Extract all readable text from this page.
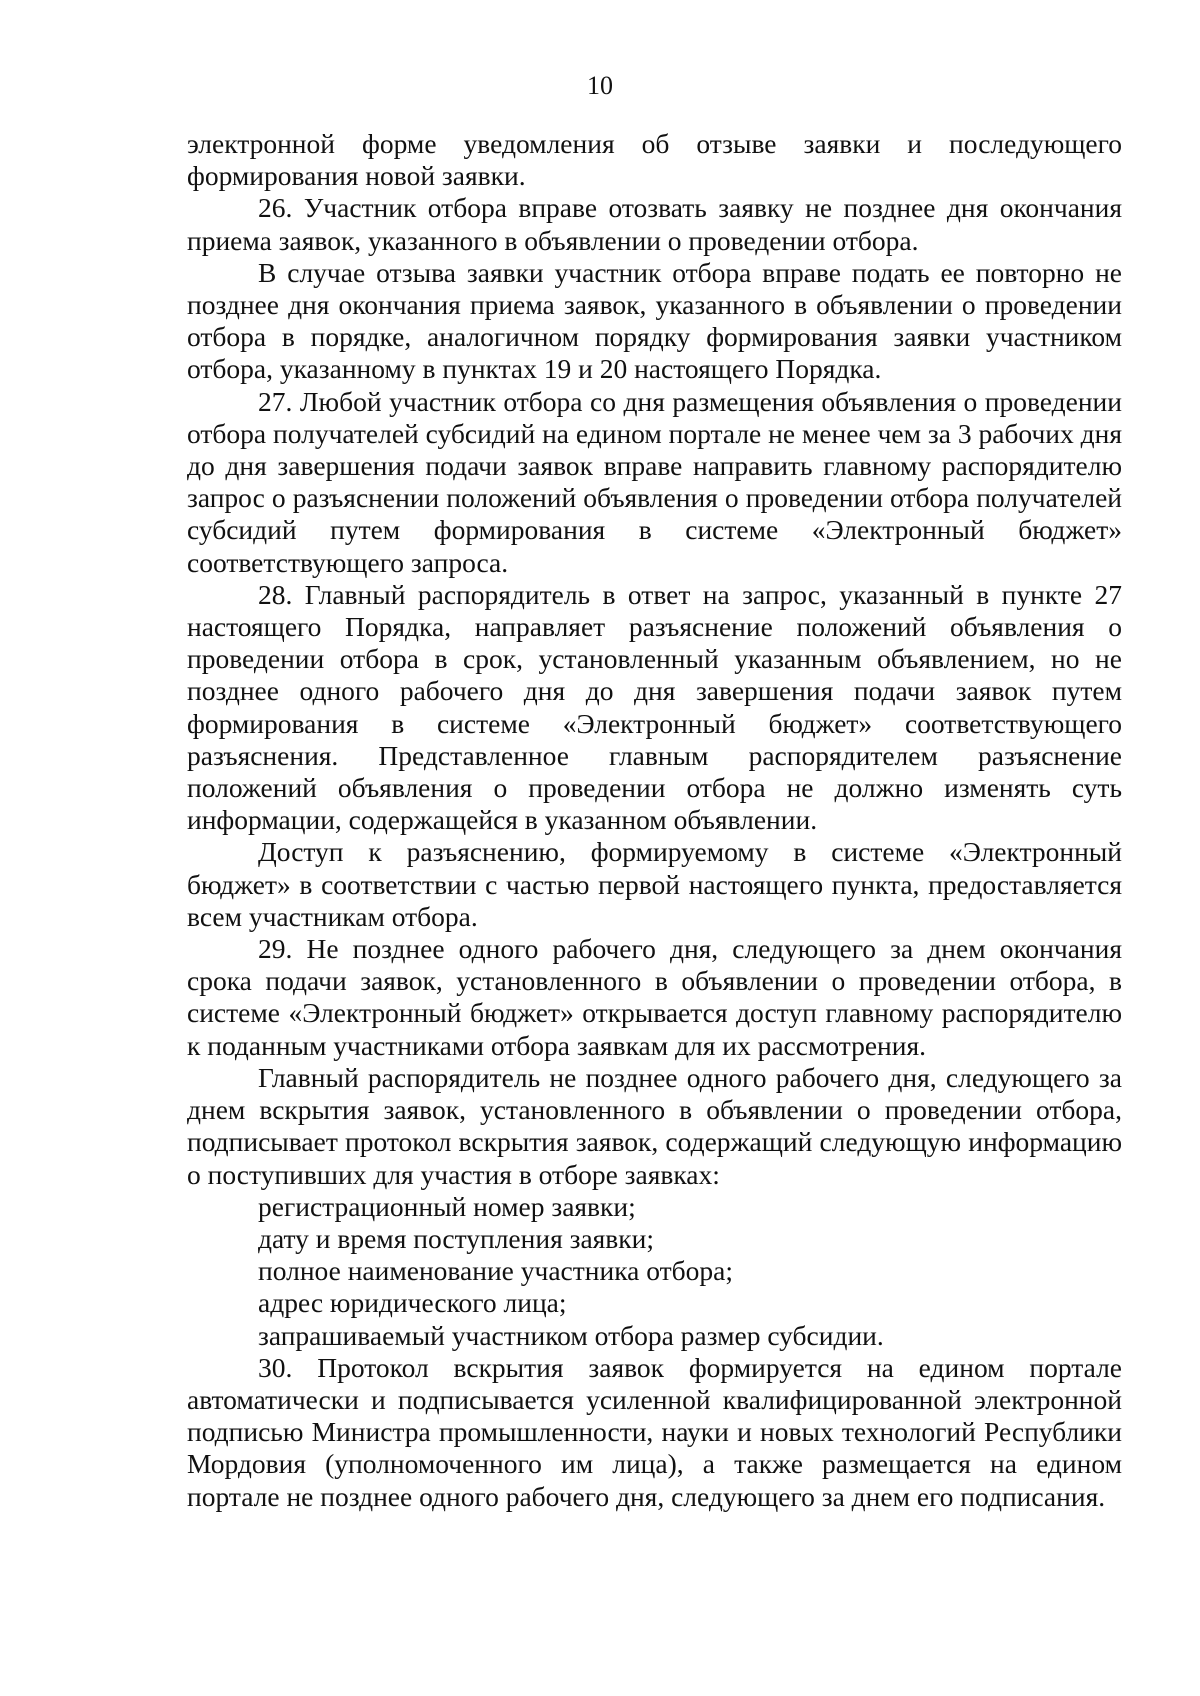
10

электронной форме уведомления об отзыве заявки и последующего формирования новой заявки.

26. Участник отбора вправе отозвать заявку не позднее дня окончания приема заявок, указанного в объявлении о проведении отбора.

В случае отзыва заявки участник отбора вправе подать ее повторно не позднее дня окончания приема заявок, указанного в объявлении о проведении отбора в порядке, аналогичном порядку формирования заявки участником отбора, указанному в пунктах 19 и 20 настоящего Порядка.

27. Любой участник отбора со дня размещения объявления о проведении отбора получателей субсидий на едином портале не менее чем за 3 рабочих дня до дня завершения подачи заявок вправе направить главному распорядителю запрос о разъяснении положений объявления о проведении отбора получателей субсидий путем формирования в системе «Электронный бюджет» соответствующего запроса.

28. Главный распорядитель в ответ на запрос, указанный в пункте 27 настоящего Порядка, направляет разъяснение положений объявления о проведении отбора в срок, установленный указанным объявлением, но не позднее одного рабочего дня до дня завершения подачи заявок путем формирования в системе «Электронный бюджет» соответствующего разъяснения. Представленное главным распорядителем разъяснение положений объявления о проведении отбора не должно изменять суть информации, содержащейся в указанном объявлении.

Доступ к разъяснению, формируемому в системе «Электронный бюджет» в соответствии с частью первой настоящего пункта, предоставляется всем участникам отбора.

29. Не позднее одного рабочего дня, следующего за днем окончания срока подачи заявок, установленного в объявлении о проведении отбора, в системе «Электронный бюджет» открывается доступ главному распорядителю к поданным участниками отбора заявкам для их рассмотрения.

Главный распорядитель не позднее одного рабочего дня, следующего за днем вскрытия заявок, установленного в объявлении о проведении отбора, подписывает протокол вскрытия заявок, содержащий следующую информацию о поступивших для участия в отборе заявках:

регистрационный номер заявки;

дату и время поступления заявки;

полное наименование участника отбора;

адрес юридического лица;

запрашиваемый участником отбора размер субсидии.

30. Протокол вскрытия заявок формируется на едином портале автоматически и подписывается усиленной квалифицированной электронной подписью Министра промышленности, науки и новых технологий Республики Мордовия (уполномоченного им лица), а также размещается на едином портале не позднее одного рабочего дня, следующего за днем его подписания.
